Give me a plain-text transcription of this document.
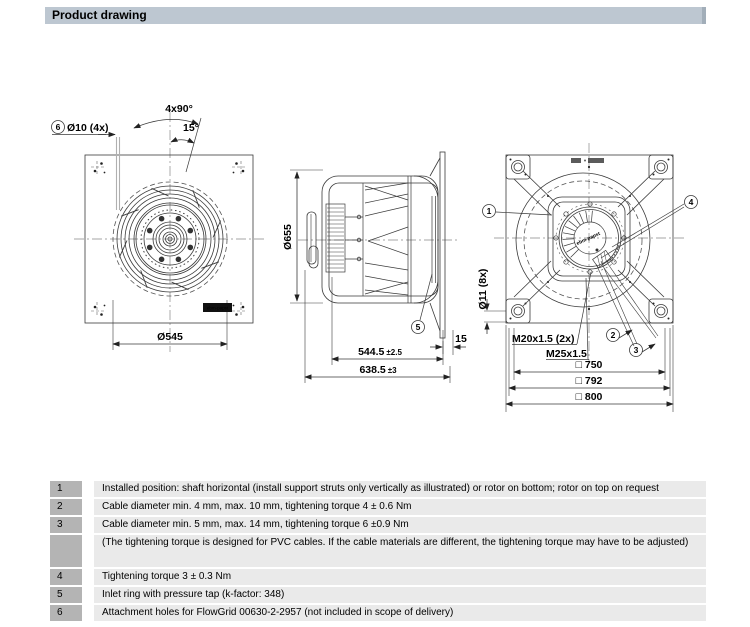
Product drawing
6 Ø10 (4x)
4x90°
15°
Ø545
ebm-papst
Ø655
5
544.5 ±2.5
638.5 ±3
15
ebm-papst
1
4
2
3
Ø11 (8x)
M20x1.5 (2x)
M25x1.5
□ 750
□ 792
□ 800
1	Installed position: shaft horizontal (install support struts only vertically as illustrated) or rotor on bottom; rotor on top on request
2	Cable diameter min. 4 mm, max. 10 mm, tightening torque 4 ± 0.6 Nm
3	Cable diameter min. 5 mm, max. 14 mm, tightening torque 6 ±0.9 Nm
(The tightening torque is designed for PVC cables. If the cable materials are different, the tightening torque may have to be adjusted)
4	Tightening torque 3 ± 0.3 Nm
5	Inlet ring with pressure tap (k-factor: 348)
6	Attachment holes for FlowGrid 00630-2-2957 (not included in scope of delivery)
